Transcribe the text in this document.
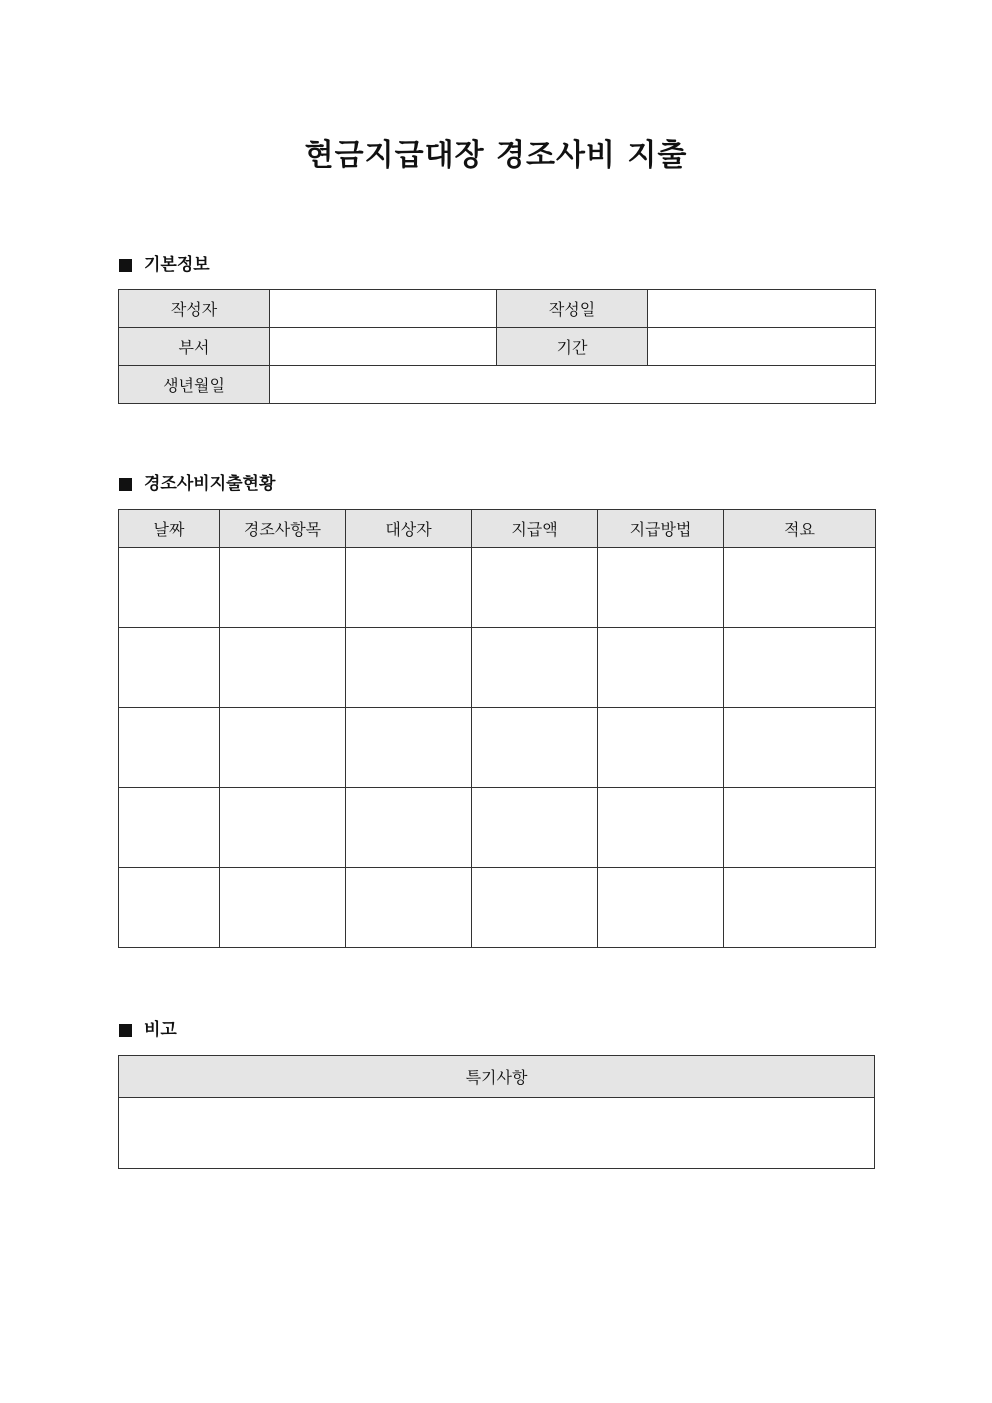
현금지급대장 경조사비 지출
기본정보
작성자		작성일	
부서		기간	
생년월일			
경조사비지출현황
날짜	경조사항목	대상자	지급액	지급방법	적요

비고
특기사항
